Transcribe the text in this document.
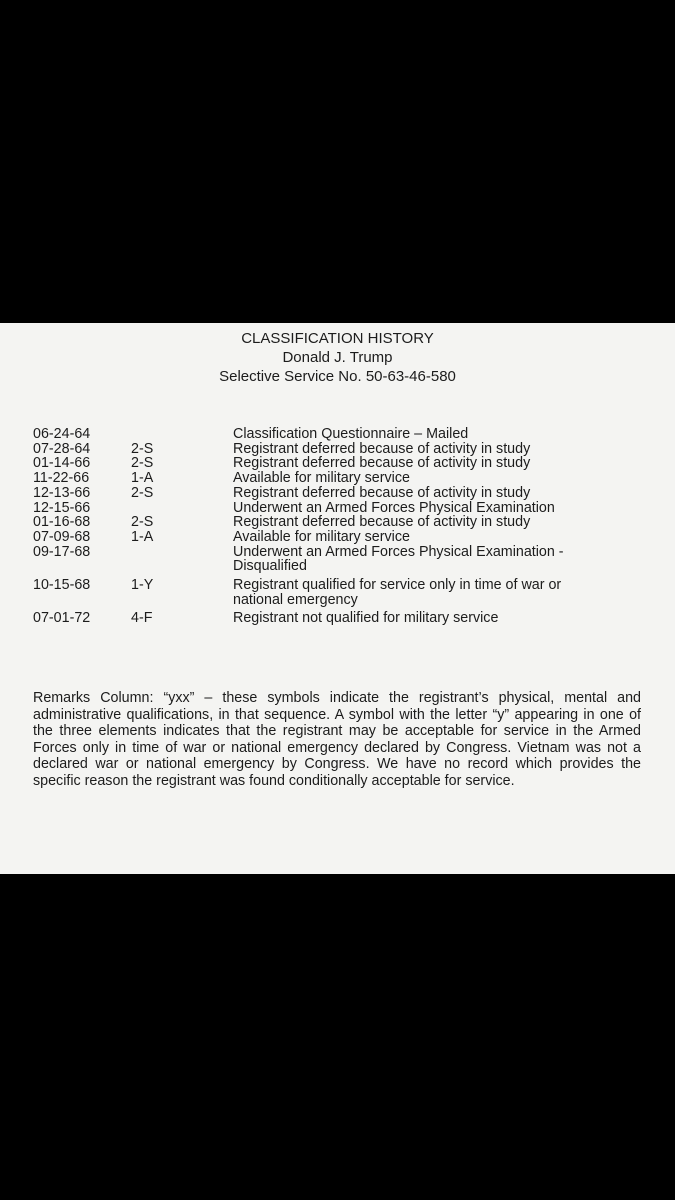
CLASSIFICATION HISTORY
Donald J. Trump
Selective Service No. 50-63-46-580
06-24-64	Classification Questionnaire – Mailed
07-28-64	2-S	Registrant deferred because of activity in study
01-14-66	2-S	Registrant deferred because of activity in study
11-22-66	1-A	Available for military service
12-13-66	2-S	Registrant deferred because of activity in study
12-15-66	Underwent an Armed Forces Physical Examination
01-16-68	2-S	Registrant deferred because of activity in study
07-09-68	1-A	Available for military service
09-17-68	Underwent an Armed Forces Physical Examination -
Disqualified
10-15-68	1-Y	Registrant qualified for service only in time of war or
national emergency
07-01-72	4-F	Registrant not qualified for military service

Remarks Column: “yxx” – these symbols indicate the registrant’s physical, mental and administrative qualifications, in that sequence. A symbol with the letter “y” appearing in one of the three elements indicates that the registrant may be acceptable for service in the Armed Forces only in time of war or national emergency declared by Congress. Vietnam was not a declared war or national emergency by Congress. We have no record which provides the specific reason the registrant was found conditionally acceptable for service.
